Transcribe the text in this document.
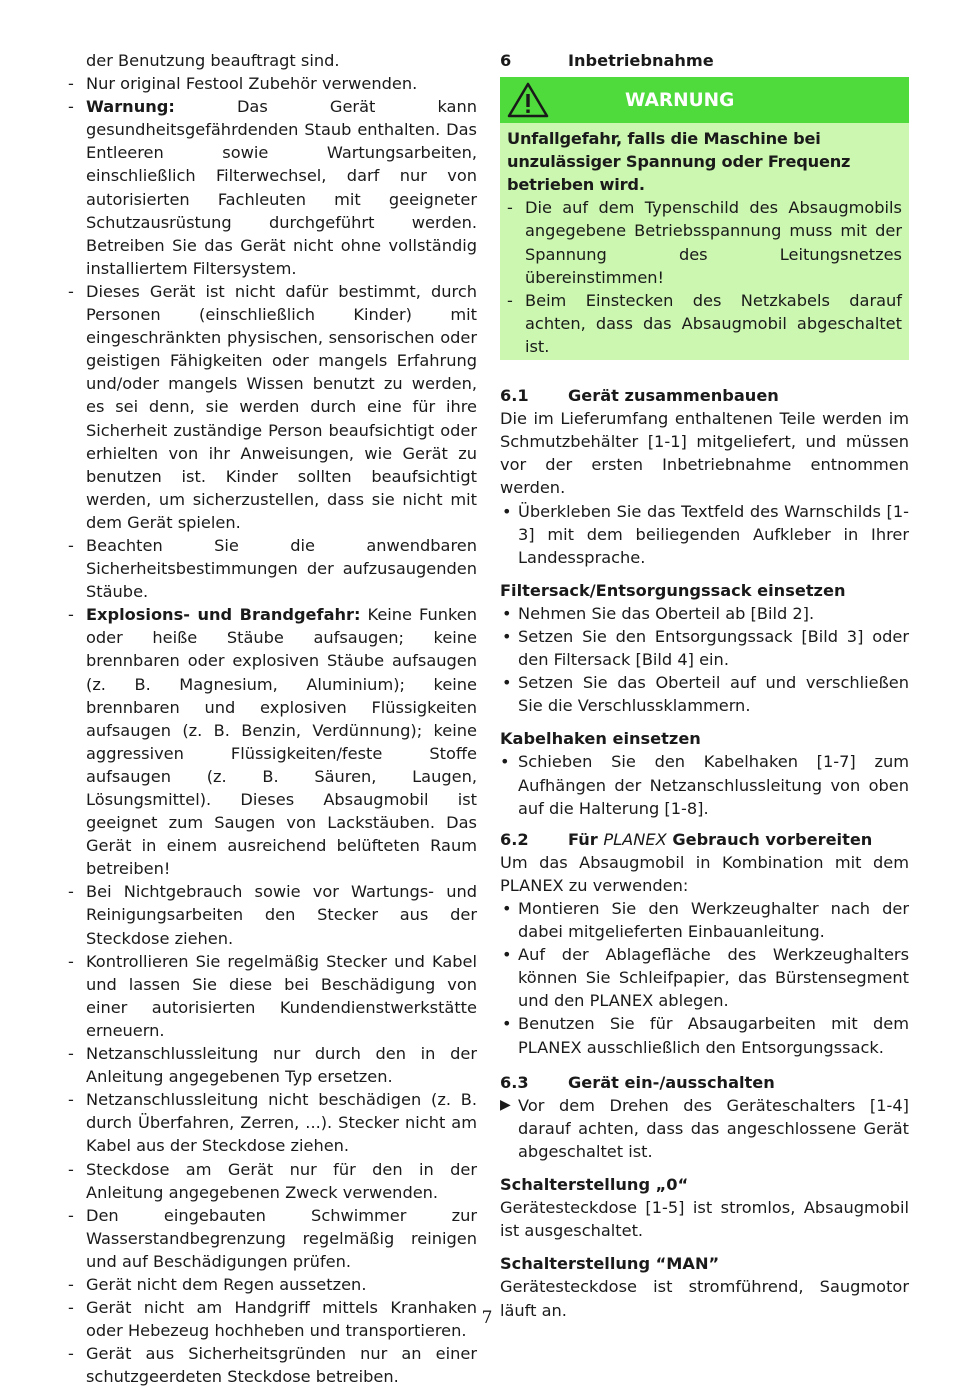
der Benutzung beauftragt sind.
- Nur original Festool Zubehör verwenden.
- Warnung: Das Gerät kann gesundheitsgefährdenden Staub enthalten. Das Entleeren sowie Wartungsarbeiten, einschließlich Filterwechsel, darf nur von autorisierten Fachleuten mit geeigneter Schutzausrüstung durchgeführt werden. Betreiben Sie das Gerät nicht ohne vollständig installiertem Filtersystem.
- Dieses Gerät ist nicht dafür bestimmt, durch Personen (einschließlich Kinder) mit eingeschränkten physischen, sensorischen oder geistigen Fähigkeiten oder mangels Erfahrung und/oder mangels Wissen benutzt zu werden, es sei denn, sie werden durch eine für ihre Sicherheit zuständige Person beaufsichtigt oder erhielten von ihr Anweisungen, wie Gerät zu benutzen ist. Kinder sollten beaufsichtigt werden, um sicherzustellen, dass sie nicht mit dem Gerät spielen.
- Beachten Sie die anwendbaren Sicherheitsbestimmungen der aufzusaugenden Stäube.
- Explosions- und Brandgefahr: Keine Funken oder heiße Stäube aufsaugen; keine brennbaren oder explosiven Stäube aufsaugen (z. B. Magnesium, Aluminium); keine brennbaren und explosiven Flüssigkeiten aufsaugen (z. B. Benzin, Verdünnung); keine aggressiven Flüssigkeiten/feste Stoffe aufsaugen (z. B. Säuren, Laugen, Lösungsmittel). Dieses Absaugmobil ist geeignet zum Saugen von Lackstäuben. Das Gerät in einem ausreichend belüfteten Raum betreiben!
- Bei Nichtgebrauch sowie vor Wartungs- und Reinigungsarbeiten den Stecker aus der Steckdose ziehen.
- Kontrollieren Sie regelmäßig Stecker und Kabel und lassen Sie diese bei Beschädigung von einer autorisierten Kundendienstwerkstätte erneuern.
- Netzanschlussleitung nur durch den in der Anleitung angegebenen Typ ersetzen.
- Netzanschlussleitung nicht beschädigen (z. B. durch Überfahren, Zerren, ...). Stecker nicht am Kabel aus der Steckdose ziehen.
- Steckdose am Gerät nur für den in der Anleitung angegebenen Zweck verwenden.
- Den eingebauten Schwimmer zur Wasserstandbegrenzung regelmäßig reinigen und auf Beschädigungen prüfen.
- Gerät nicht dem Regen aussetzen.
- Gerät nicht am Handgriff mittels Kranhaken oder Hebezeug hochheben und transportieren.
- Gerät aus Sicherheitsgründen nur an einer schutzgeerdeten Steckdose betreiben.
6	Inbetriebnahme
WARNUNG
Unfallgefahr, falls die Maschine bei unzulässiger Spannung oder Frequenz betrieben wird.
- Die auf dem Typenschild des Absaugmobils angegebene Betriebsspannung muss mit der Spannung des Leitungsnetzes übereinstimmen!
- Beim Einstecken des Netzkabels darauf achten, dass das Absaugmobil abgeschaltet ist.
6.1	Gerät zusammenbauen
Die im Lieferumfang enthaltenen Teile werden im Schmutzbehälter [1-1] mitgeliefert, und müssen vor der ersten Inbetriebnahme entnommen werden.
• Überkleben Sie das Textfeld des Warnschilds [1-3] mit dem beiliegenden Aufkleber in Ihrer Landessprache.
Filtersack/Entsorgungssack einsetzen
• Nehmen Sie das Oberteil ab [Bild 2].
• Setzen Sie den Entsorgungssack [Bild 3] oder den Filtersack [Bild 4] ein.
• Setzen Sie das Oberteil auf und verschließen Sie die Verschlussklammern.
Kabelhaken einsetzen
• Schieben Sie den Kabelhaken [1-7] zum Aufhängen der Netzanschlussleitung von oben auf die Halterung [1-8].
6.2	Für PLANEX Gebrauch vorbereiten
Um das Absaugmobil in Kombination mit dem PLANEX zu verwenden:
• Montieren Sie den Werkzeughalter nach der dabei mitgelieferten Einbauanleitung.
• Auf der Ablagefläche des Werkzeughalters können Sie Schleifpapier, das Bürstensegment und den PLANEX ablegen.
• Benutzen Sie für Absaugarbeiten mit dem PLANEX ausschließlich den Entsorgungssack.
6.3	Gerät ein-/ausschalten
▶ Vor dem Drehen des Geräteschalters [1-4] darauf achten, dass das angeschlossene Gerät abgeschaltet ist.
Schalterstellung „0“
Gerätesteckdose [1-5] ist stromlos, Absaugmobil ist ausgeschaltet.
Schalterstellung “MAN”
Gerätesteckdose ist stromführend, Saugmotor läuft an.
7
